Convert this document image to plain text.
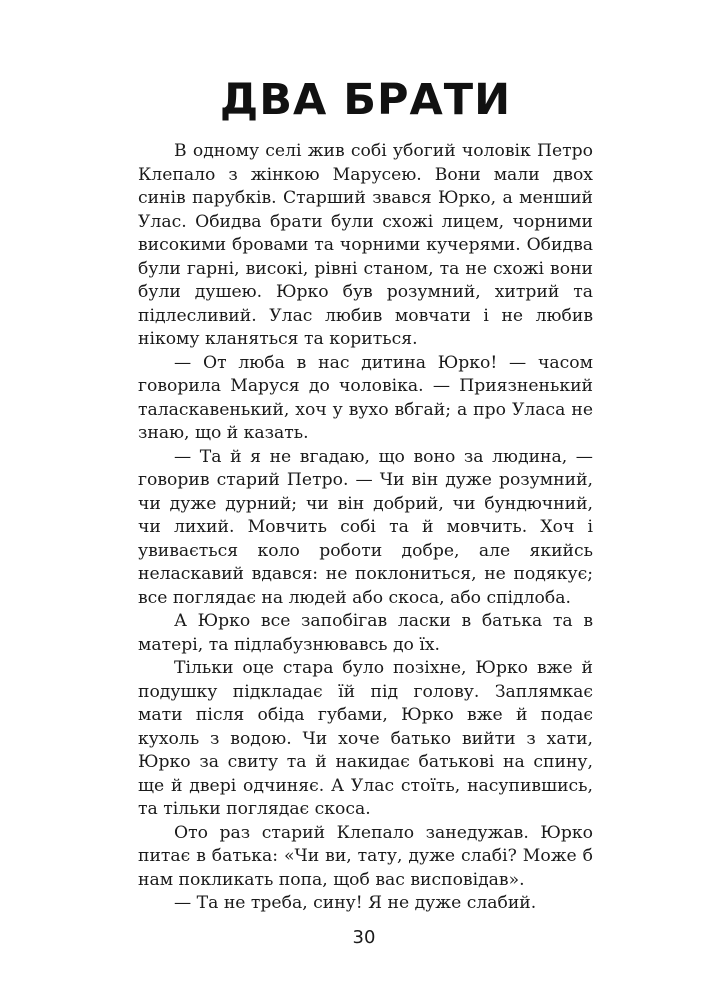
ДВА БРАТИ

В одному селі жив собі убогий чоловік Петро Клепало з жінкою Марусею. Вони мали двох синів парубків. Старший звався Юрко, а менший Улас. Обидва брати були схожі лицем, чорними високими бровами та чорними кучерями. Обидва були гарні, високі, рівні станом, та не схожі вони були душею. Юрко був розумний, хитрий та підлесливий. Улас любив мовчати і не любив нікому кланяться та кориться.

— От люба в нас дитина Юрко! — часом говорила Маруся до чоловіка. — Приязненький таласкавенький, хоч у вухо вбгай; а про Уласа не знаю, що й казать.

— Та й я не вгадаю, що воно за людина, — говорив старий Петро. — Чи він дуже розумний, чи дуже дурний; чи він добрий, чи бундючний, чи лихий. Мовчить собі та й мовчить. Хоч і увивається коло роботи добре, але якийсь неласкавий вдався: не поклониться, не подякує; все поглядає на людей або скоса, або спідлоба.

А Юрко все запобігав ласки в батька та в матері, та підлабузнювавсь до їх.

Тільки оце стара було позіхне, Юрко вже й подушку підкладає їй під голову. Заплямкає мати після обіда губами, Юрко вже й подає кухоль з водою. Чи хоче батько вийти з хати, Юрко за свиту та й накидає батькові на спину, ще й двері одчиняє. А Улас стоїть, насупившись, та тільки поглядає скоса.

Ото раз старий Клепало занедужав. Юрко питає в батька: «Чи ви, тату, дуже слабі? Може б нам покликать попа, щоб вас висповідав».

— Та не треба, сину! Я не дуже слабий.

30
